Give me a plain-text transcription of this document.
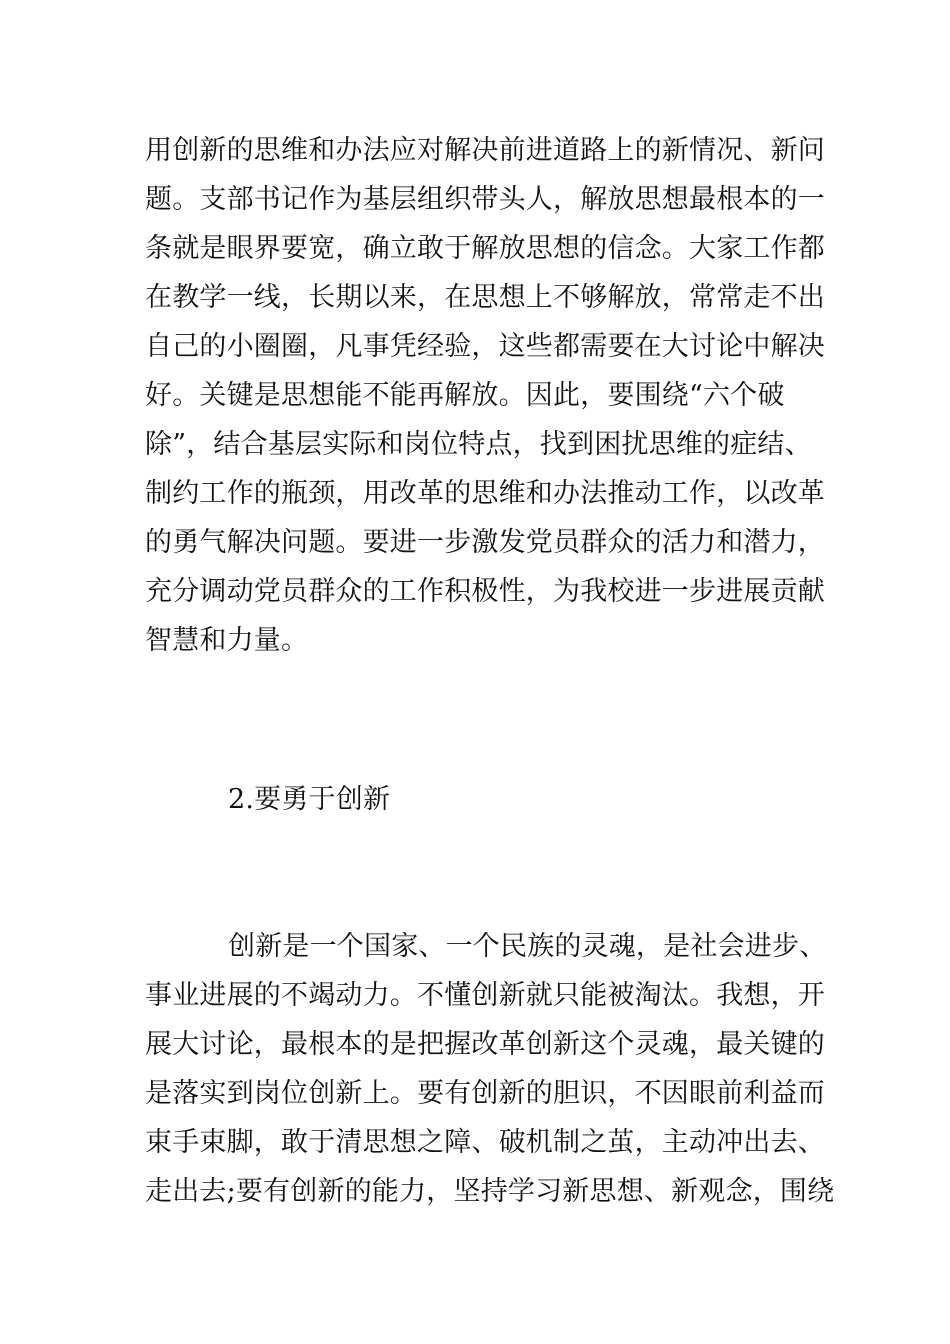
用创新的思维和办法应对解决前进道路上的新情况、新问
题。支部书记作为基层组织带头人，解放思想最根本的一
条就是眼界要宽，确立敢于解放思想的信念。大家工作都
在教学一线，长期以来，在思想上不够解放，常常走不出
自己的小圈圈，凡事凭经验，这些都需要在大讨论中解决
好。关键是思想能不能再解放。因此，要围绕“六个破
除”，结合基层实际和岗位特点，找到困扰思维的症结、
制约工作的瓶颈，用改革的思维和办法推动工作，以改革
的勇气解决问题。要进一步激发党员群众的活力和潜力，
充分调动党员群众的工作积极性，为我校进一步进展贡献
智慧和力量。
2.要勇于创新
创新是一个国家、一个民族的灵魂，是社会进步、
事业进展的不竭动力。不懂创新就只能被淘汰。我想，开
展大讨论，最根本的是把握改革创新这个灵魂，最关键的
是落实到岗位创新上。要有创新的胆识，不因眼前利益而
束手束脚，敢于清思想之障、破机制之茧，主动冲出去、
走出去;要有创新的能力，坚持学习新思想、新观念，围绕
